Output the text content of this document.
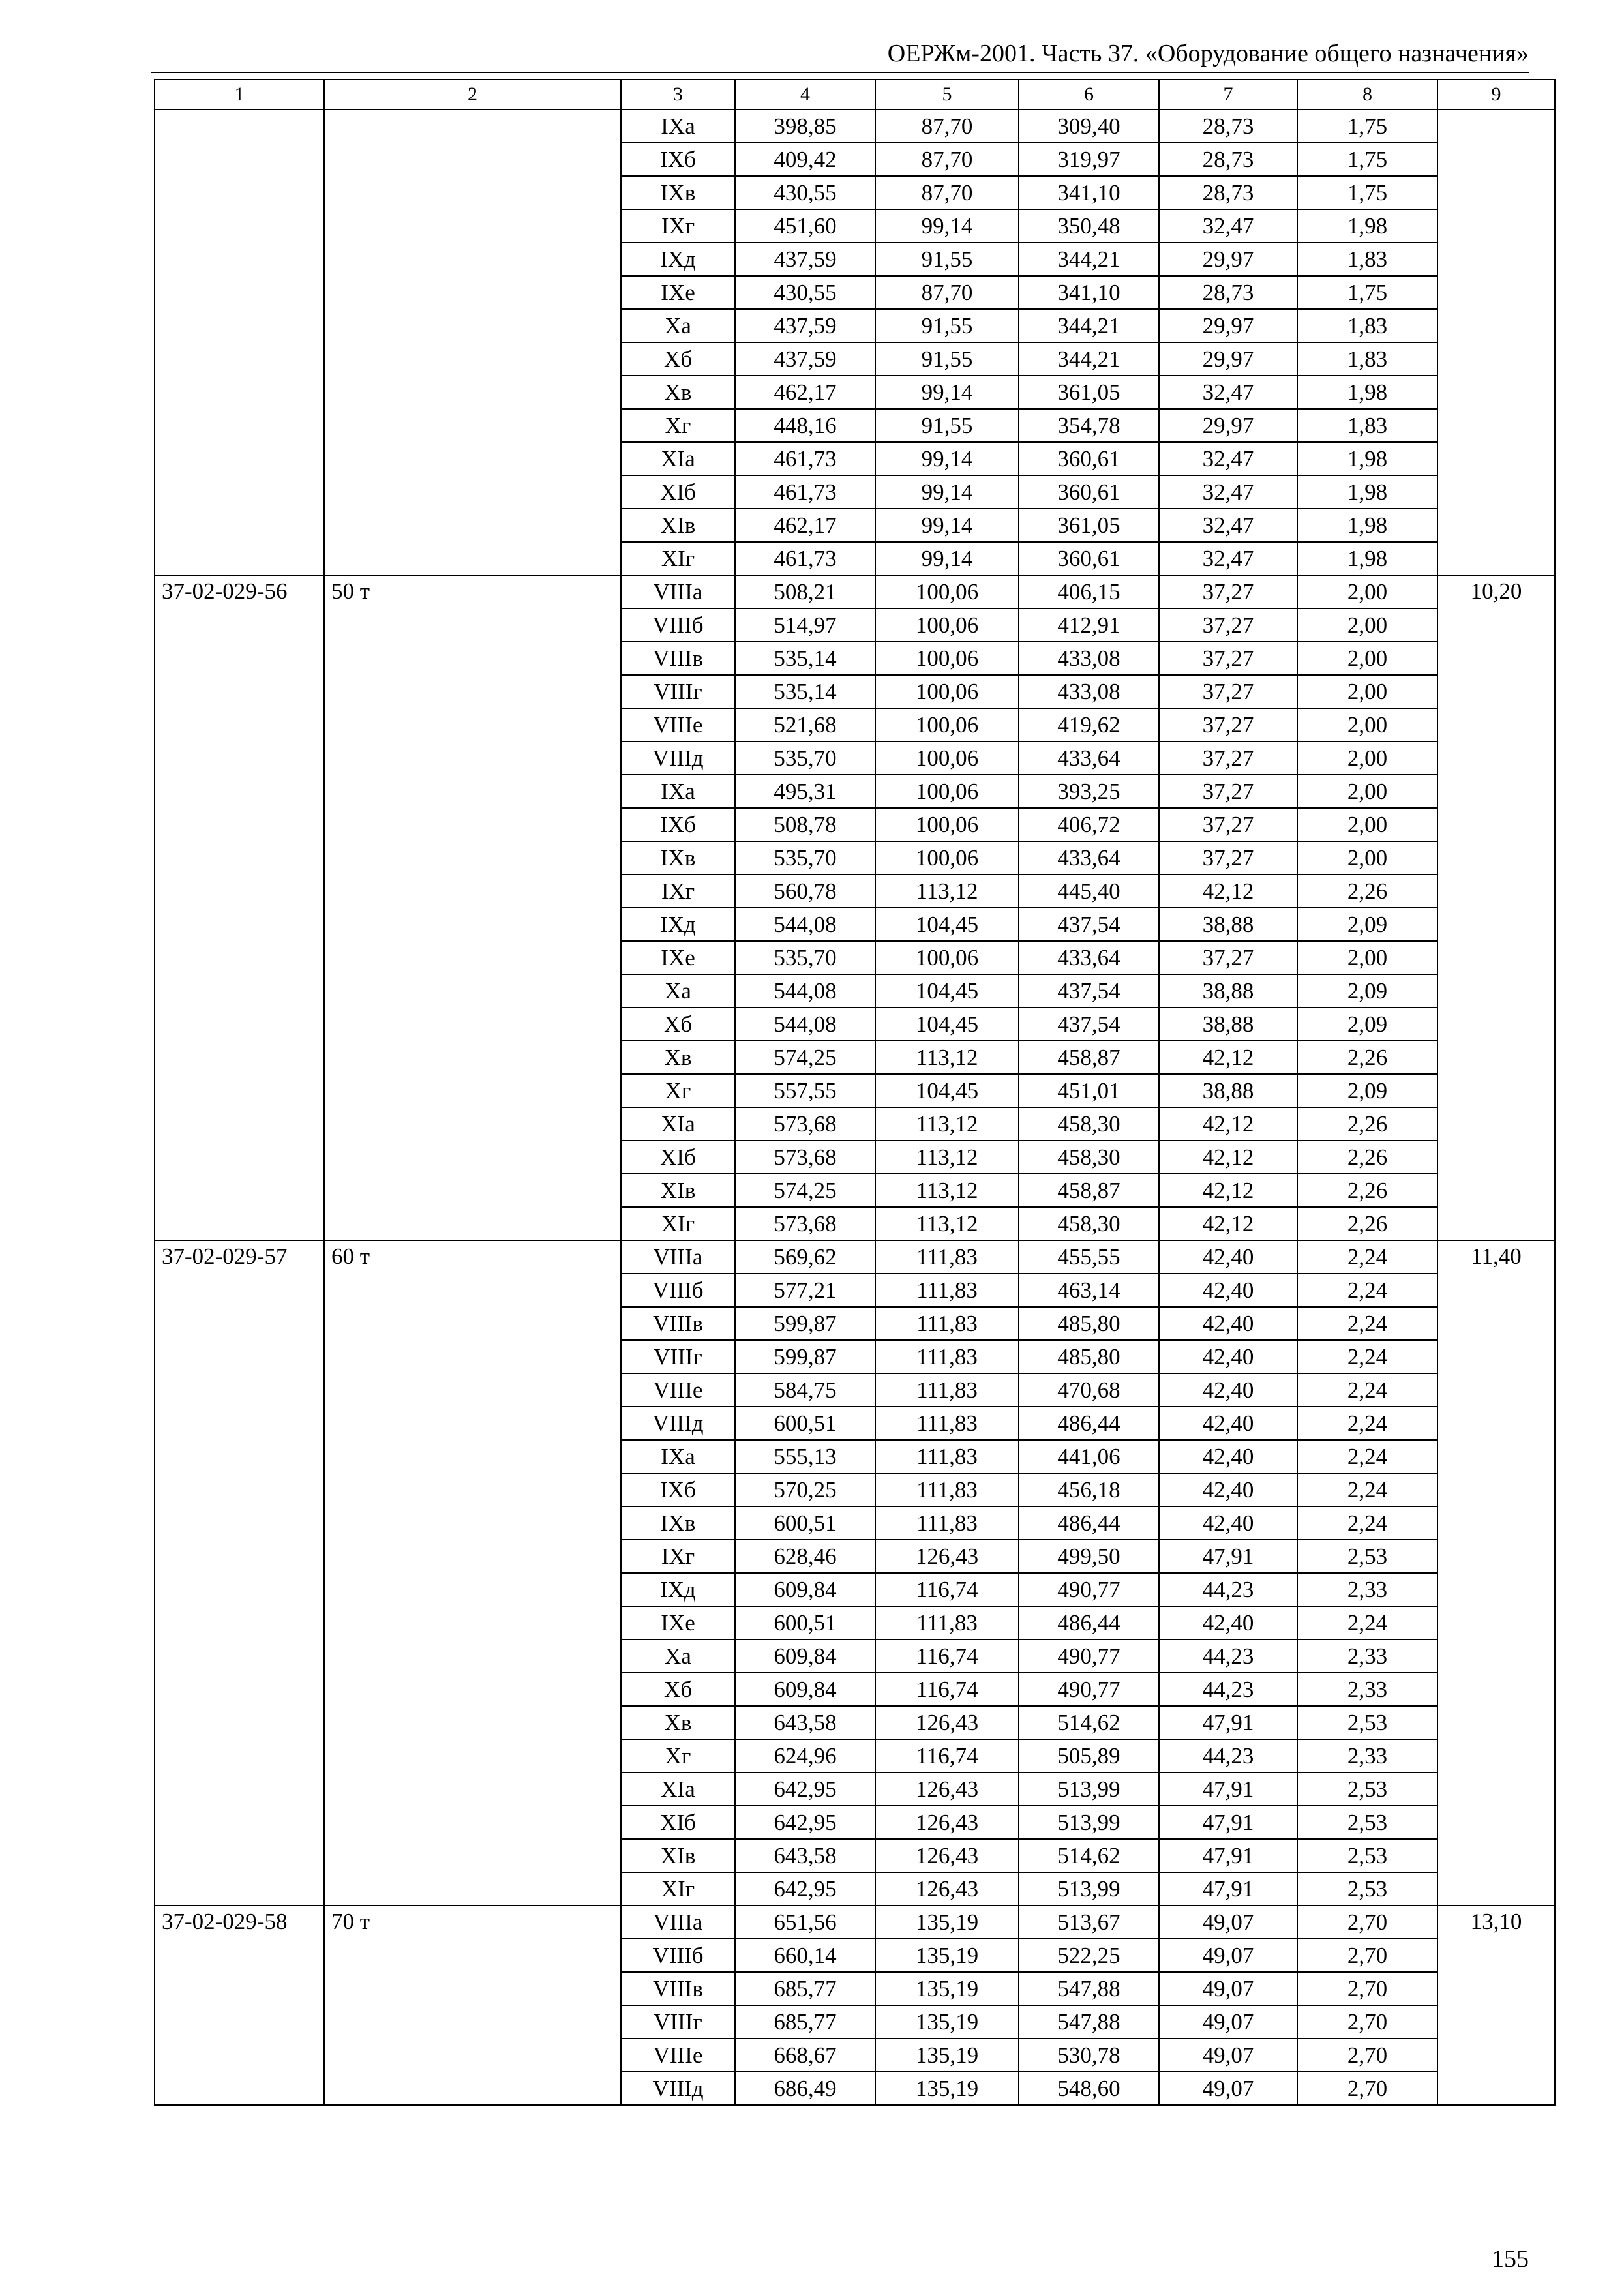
ОЕРЖм-2001. Часть 37. «Оборудование общего назначения»
1	2	3	4	5	6	7	8	9
		IXа	398,85	87,70	309,40	28,73	1,75	
		IXб	409,42	87,70	319,97	28,73	1,75	
		IXв	430,55	87,70	341,10	28,73	1,75	
		IXг	451,60	99,14	350,48	32,47	1,98	
		IXд	437,59	91,55	344,21	29,97	1,83	
		IXе	430,55	87,70	341,10	28,73	1,75	
		Xа	437,59	91,55	344,21	29,97	1,83	
		Xб	437,59	91,55	344,21	29,97	1,83	
		Xв	462,17	99,14	361,05	32,47	1,98	
		Xг	448,16	91,55	354,78	29,97	1,83	
		XIа	461,73	99,14	360,61	32,47	1,98	
		XIб	461,73	99,14	360,61	32,47	1,98	
		XIв	462,17	99,14	361,05	32,47	1,98	
		XIг	461,73	99,14	360,61	32,47	1,98	
37-02-029-56	50 т	VIIIа	508,21	100,06	406,15	37,27	2,00	10,20
		VIIIб	514,97	100,06	412,91	37,27	2,00	
		VIIIв	535,14	100,06	433,08	37,27	2,00	
		VIIIг	535,14	100,06	433,08	37,27	2,00	
		VIIIе	521,68	100,06	419,62	37,27	2,00	
		VIIIд	535,70	100,06	433,64	37,27	2,00	
		IXа	495,31	100,06	393,25	37,27	2,00	
		IXб	508,78	100,06	406,72	37,27	2,00	
		IXв	535,70	100,06	433,64	37,27	2,00	
		IXг	560,78	113,12	445,40	42,12	2,26	
		IXд	544,08	104,45	437,54	38,88	2,09	
		IXе	535,70	100,06	433,64	37,27	2,00	
		Xа	544,08	104,45	437,54	38,88	2,09	
		Xб	544,08	104,45	437,54	38,88	2,09	
		Xв	574,25	113,12	458,87	42,12	2,26	
		Xг	557,55	104,45	451,01	38,88	2,09	
		XIа	573,68	113,12	458,30	42,12	2,26	
		XIб	573,68	113,12	458,30	42,12	2,26	
		XIв	574,25	113,12	458,87	42,12	2,26	
		XIг	573,68	113,12	458,30	42,12	2,26	
37-02-029-57	60 т	VIIIа	569,62	111,83	455,55	42,40	2,24	11,40
		VIIIб	577,21	111,83	463,14	42,40	2,24	
		VIIIв	599,87	111,83	485,80	42,40	2,24	
		VIIIг	599,87	111,83	485,80	42,40	2,24	
		VIIIе	584,75	111,83	470,68	42,40	2,24	
		VIIIд	600,51	111,83	486,44	42,40	2,24	
		IXа	555,13	111,83	441,06	42,40	2,24	
		IXб	570,25	111,83	456,18	42,40	2,24	
		IXв	600,51	111,83	486,44	42,40	2,24	
		IXг	628,46	126,43	499,50	47,91	2,53	
		IXд	609,84	116,74	490,77	44,23	2,33	
		IXе	600,51	111,83	486,44	42,40	2,24	
		Xа	609,84	116,74	490,77	44,23	2,33	
		Xб	609,84	116,74	490,77	44,23	2,33	
		Xв	643,58	126,43	514,62	47,91	2,53	
		Xг	624,96	116,74	505,89	44,23	2,33	
		XIа	642,95	126,43	513,99	47,91	2,53	
		XIб	642,95	126,43	513,99	47,91	2,53	
		XIв	643,58	126,43	514,62	47,91	2,53	
		XIг	642,95	126,43	513,99	47,91	2,53	
37-02-029-58	70 т	VIIIа	651,56	135,19	513,67	49,07	2,70	13,10
		VIIIб	660,14	135,19	522,25	49,07	2,70	
		VIIIв	685,77	135,19	547,88	49,07	2,70	
		VIIIг	685,77	135,19	547,88	49,07	2,70	
		VIIIе	668,67	135,19	530,78	49,07	2,70	
		VIIIд	686,49	135,19	548,60	49,07	2,70	
155
